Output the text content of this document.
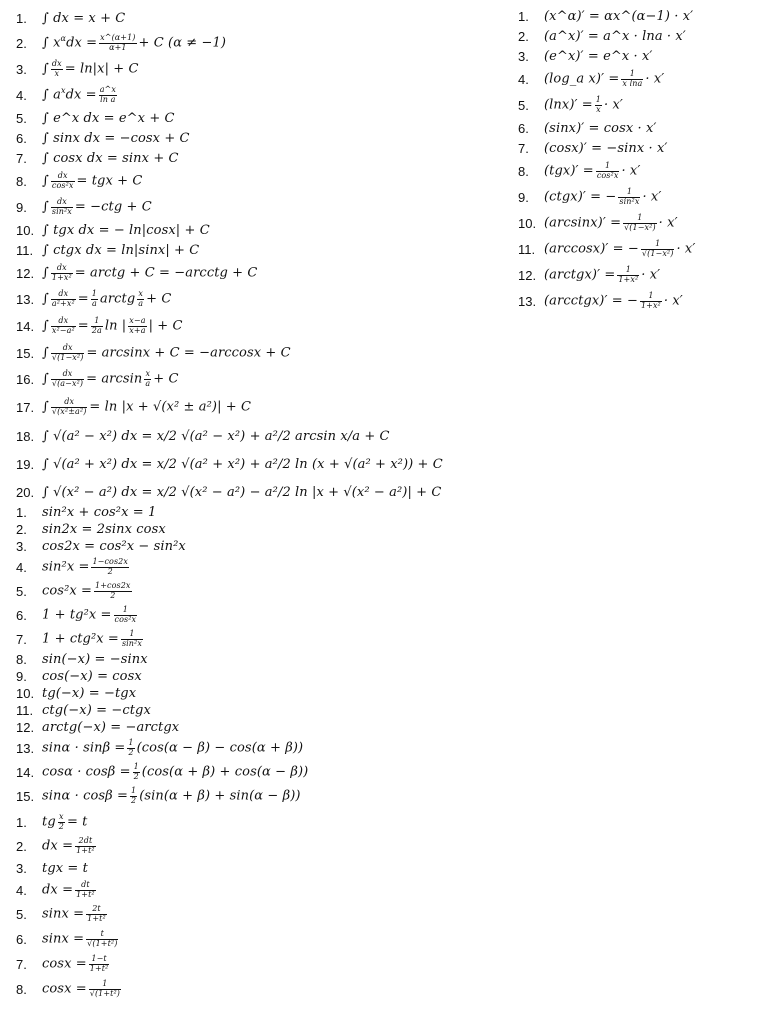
1.	∫ dx = x + C
2.	∫ $x^\alpha dx = \frac{x\^{}(\alpha+1)}{\alpha+1} + C$ (α ≠ −1)
3.	∫ $\frac{dx}{x} = \ln|x| + C$
4.	∫ $a^xdx = \frac{a\^{}x}{\text{ln a}}$
5.	∫ e^x dx = e^x + C
6.	∫ sinx dx = −cosx + C
7.	∫ cosx dx = sinx + C
8.	∫ $\frac{dx}{\text{cos²x}}$ = tgx + C
9.	∫ $\frac{dx}{\text{sin²x}} = -ctg + C$
10. ∫ tgx dx = − ln|cosx| + C
11. ∫ ctgx dx = ln|sinx| + C
12. ∫ $\frac{dx}{\text{1+x²}}$ = arctg + C = −arcctg + C
13. ∫ $\frac{dx}{\text{a²+x²}} = \frac{1}{a}$ arctg $\frac{x}{a} + C$
14. ∫ $\frac{dx}{\text{x²−a²}} = \frac{1}{2a}$ ln | $\frac{x-a}{x+a}$ | + C
15. ∫ $\frac{dx}{\text{√(1−x²)}} = \arcsin x + C = -\arccos x + C$
16. ∫ $\frac{dx}{\text{√(a−x²)}} = \arcsin \frac{x}{a} + C$
17. ∫ $\frac{dx}{\text{√(x²±a²)}} = \ln |x + √(x^2 \pm a^2)| + C$
18. ∫ √(a² − x²) dx = x/2 √(a² − x²) + a²/2 arcsin x/a + C
19. ∫ √(a² + x²) dx = x/2 √(a² + x²) + a²/2 ln (x + √(a² + x²)) + C
20. ∫ √(x² − a²) dx = x/2 √(x² − a²) − a²/2 ln |x + √(x² − a²)| + C
1.	(x^α)′ = αx^(α−1) · x′
2.	(a^x)′ = a^x · lna · x′
3.	(e^x)′ = e^x · x′
4.	(log_a $x)' = \frac{1}{\text{x lna}} \cdot x'$
5.	$(\ln x)' = \frac{1}{x} \cdot x'$
6.	(sinx)′ = cosx · x′
7.	(cosx)′ = −sinx · x′
8.	$(tgx)' = \frac{1}{\text{cos²x}} \cdot x'$
9.	(ctgx)′ = − $\frac{1}{\text{sin²x}} \cdot x'$
10. $(\arcsin x)' = \frac{1}{\text{√(1−x²)}} \cdot x'$
11. (arccosx)′ = − $\frac{1}{\text{√(1−x²)}} \cdot x'$
12. (arctgx)′ = $\frac{1}{\text{1+x²}} \cdot x'$
13. (arcctgx)′ = − $\frac{1}{\text{1+x²}} \cdot x'$
1.	sin²x + cos²x = 1
2.	sin2x = 2sinx cosx
3.	cos2x = cos²x − sin²x
4.	$\sin^2x = \frac{1-\cos 2x}{2}$
5.	$\cos^2x = \frac{1+\cos 2x}{2}$
6.	$1 + tg^2x = \frac{1}{\text{cos²x}}$
7.	$1 + ctg^2x = \frac{1}{\text{sin²x}}$
8.	sin(−x) = −sinx
9.	cos(−x) = cosx
10. tg(−x) = −tgx
11. ctg(−x) = −ctgx
12. arctg(−x) = −arctgx
13. $\sin\alpha \cdot \sin\beta = \frac{1}{2} (\cos(\alpha - \beta) - \cos(\alpha + \beta))$
14. $\cos\alpha \cdot \cos\beta = \frac{1}{2} (\cos(\alpha + \beta) + \cos(\alpha - \beta))$
15. $\sin\alpha \cdot \cos\beta = \frac{1}{2} (\sin(\alpha + \beta) + \sin(\alpha - \beta))$
1.	tg $\frac{x}{2} = t$
2.	dx = $\frac{2dt}{\text{1+t²}}$
3.	tgx = t
4.	dx = $\frac{dt}{\text{1+t²}}$
5.	$\sin x = \frac{2t}{\text{1+t²}}$
6.	$\sin x = \frac{t}{\text{√(1+t²)}}$
7.	$\cos x = \frac{1-t}{\text{1+t²}}$
8.	$\cos x = \frac{1}{\text{√(1+t²)}}$
